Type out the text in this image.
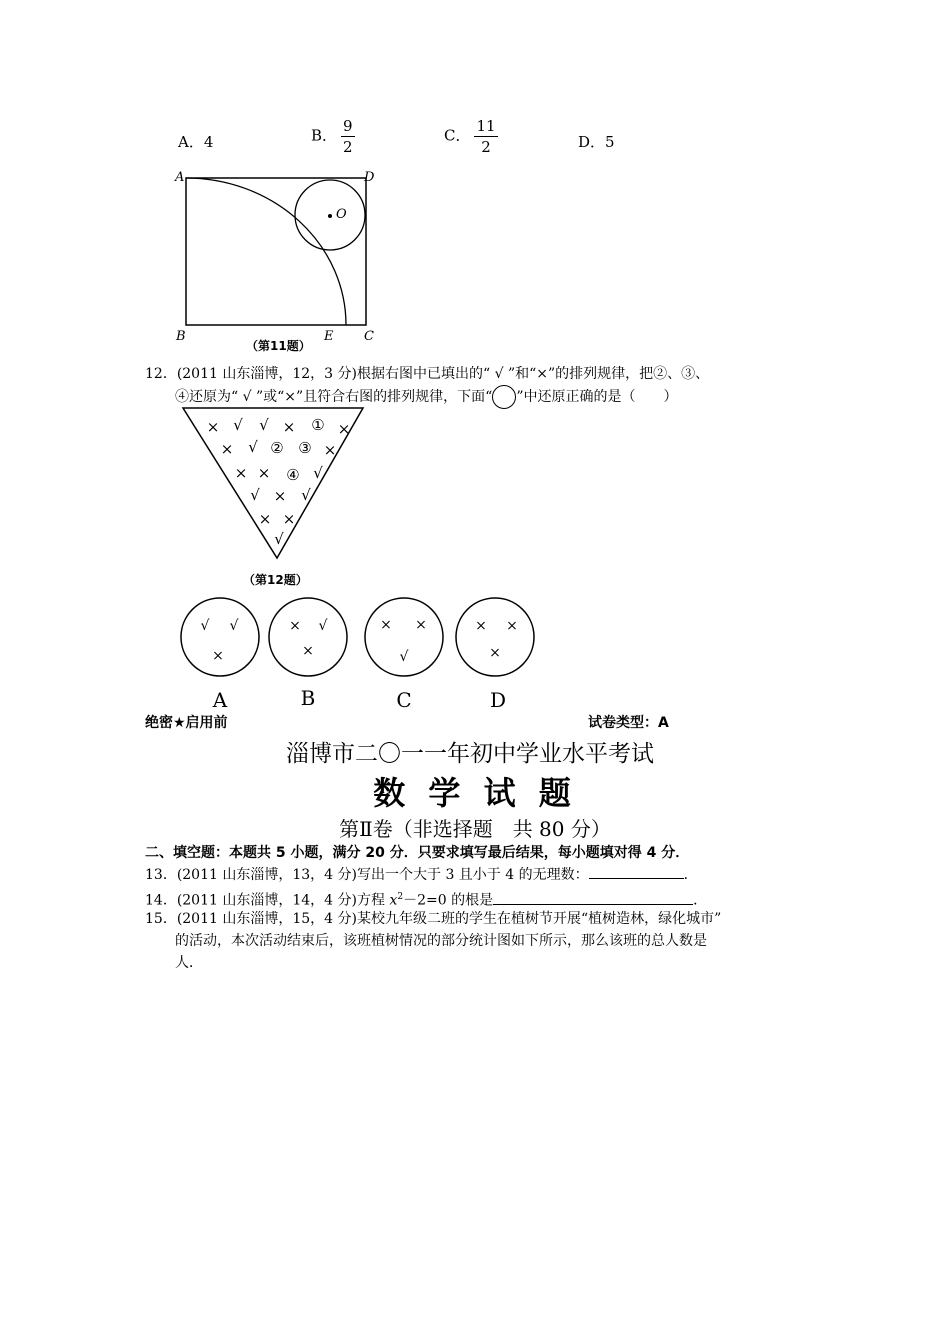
A．4	B． $\frac{9}{2}$	C． $\frac{11}{2}$	D．5
A	D
B	E C
O
（第11题）
12．(2011 山东淄博，12，3 分)根据右图中已填出的“ √ ”和“×”的排列规律，把②、③、
④还原为“ √ ”或“×”且符合右图的排列规律，下面“ ”中还原正确的是（　　）
× √ √ × ① ×
× √ ② ③ ×
× × ④ √
√ × √
× ×
√
（第12题）
√ √
×
A
× √
×
B
× ×
√
C
× ×
×
D
绝密★启用前	试卷类型：A
淄博市二〇一一年初中学业水平考试
数 学 试 题
第Ⅱ卷（非选择题　共 80 分）
二、填空题：本题共 5 小题，满分 20 分．只要求填写最后结果，每小题填对得 4 分．
13．(2011 山东淄博，13，4 分)写出一个大于 3 且小于 4 的无理数：	．
14．(2011 山东淄博，14，4 分)方程 $x^2-2=0$ 的根是	．
15．(2011 山东淄博，15，4 分)某校九年级二班的学生在植树节开展“植树造林，绿化城市”
的活动，本次活动结束后，该班植树情况的部分统计图如下所示，那么该班的总人数是
人．
